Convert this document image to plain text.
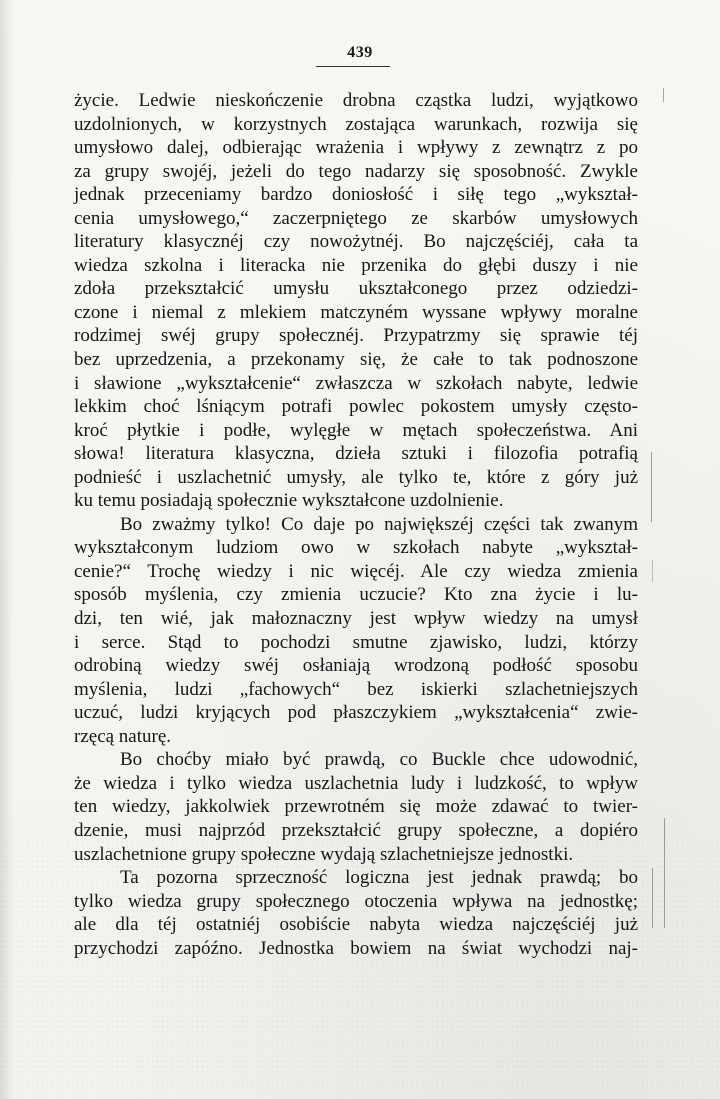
439
życie. Ledwie nieskończenie drobna cząstka ludzi, wyjątkowo
uzdolnionych, w korzystnych zostająca warunkach, rozwija się
umysłowo dalej, odbierając wrażenia i wpływy z zewnątrz z po
za grupy swojéj, jeżeli do tego nadarzy się sposobność. Zwykle
jednak przeceniamy bardzo doniosłość i siłę tego „wykształ-
cenia umysłowego,“ zaczerpniętego ze skarbów umysłowych
literatury klasycznéj czy nowożytnéj. Bo najczęściéj, cała ta
wiedza szkolna i literacka nie przenika do głębi duszy i nie
zdoła przekształcić umysłu ukształconego przez odziedzi-
czone i niemal z mlekiem matczyném wyssane wpływy moralne
rodzimej swéj grupy społecznéj. Przypatrzmy się sprawie téj
bez uprzedzenia, a przekonamy się, że całe to tak podnoszone
i sławione „wykształcenie“ zwłaszcza w szkołach nabyte, ledwie
lekkim choć lśniącym potrafi powlec pokostem umysły często-
kroć płytkie i podłe, wylęgłe w mętach społeczeństwa. Ani
słowa! literatura klasyczna, dzieła sztuki i filozofia potrafią
podnieść i uszlachetnić umysły, ale tylko te, które z góry już
ku temu posiadają społecznie wykształcone uzdolnienie.
Bo zważmy tylko! Co daje po największéj części tak zwanym
wykształconym ludziom owo w szkołach nabyte „wykształ-
cenie?“ Trochę wiedzy i nic więcéj. Ale czy wiedza zmienia
sposób myślenia, czy zmienia uczucie? Kto zna życie i lu-
dzi, ten wié, jak małoznaczny jest wpływ wiedzy na umysł
i serce. Stąd to pochodzi smutne zjawisko, ludzi, którzy
odrobiną wiedzy swéj osłaniają wrodzoną podłość sposobu
myślenia, ludzi „fachowych“ bez iskierki szlachetniejszych
uczuć, ludzi kryjących pod płaszczykiem „wykształcenia“ zwie-
rzęcą naturę.
Bo choćby miało być prawdą, co Buckle chce udowodnić,
że wiedza i tylko wiedza uszlachetnia ludy i ludzkość, to wpływ
ten wiedzy, jakkolwiek przewrotném się może zdawać to twier-
dzenie, musi najprzód przekształcić grupy społeczne, a dopiéro
uszlachetnione grupy społeczne wydają szlachetniejsze jednostki.
Ta pozorna sprzeczność logiczna jest jednak prawdą; bo
tylko wiedza grupy społecznego otoczenia wpływa na jednostkę;
ale dla téj ostatniéj osobiście nabyta wiedza najczęściéj już
przychodzi zapóźno. Jednostka bowiem na świat wychodzi naj-
